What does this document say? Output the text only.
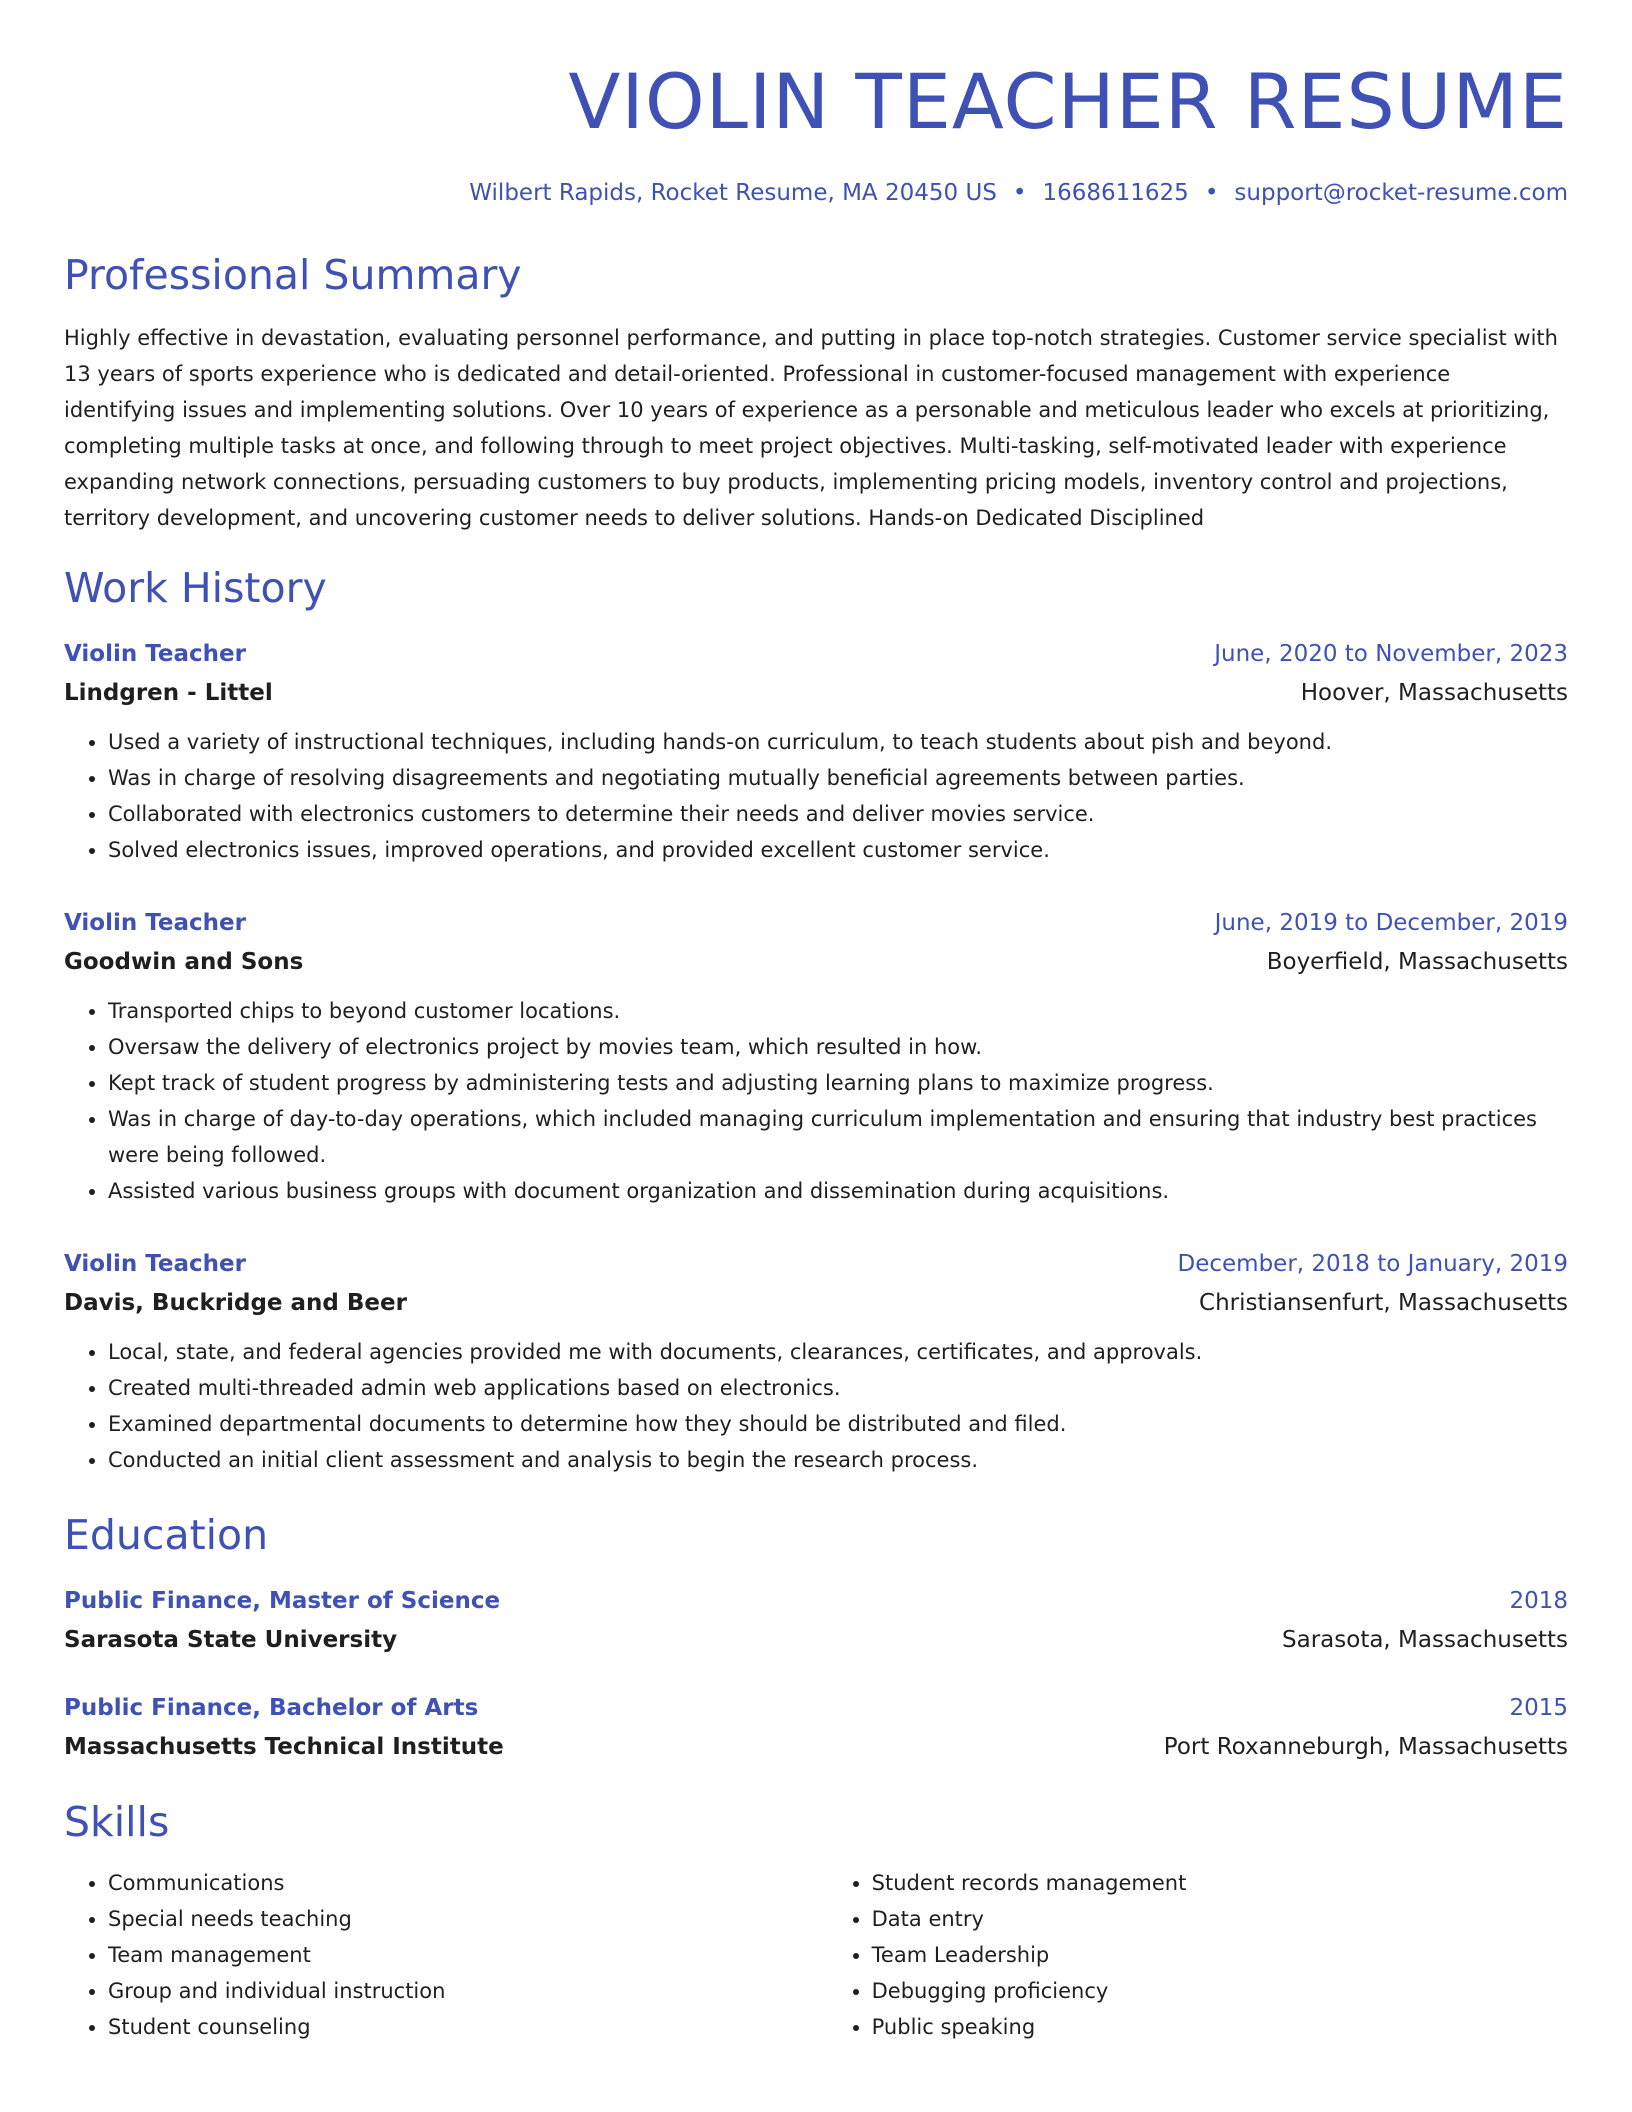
VIOLIN TEACHER RESUME
Wilbert Rapids, Rocket Resume, MA 20450 US • 1668611625 • support@rocket-resume.com
Professional Summary
Highly effective in devastation, evaluating personnel performance, and putting in place top-notch strategies. Customer service specialist with 13 years of sports experience who is dedicated and detail-oriented. Professional in customer-focused management with experience identifying issues and implementing solutions. Over 10 years of experience as a personable and meticulous leader who excels at prioritizing, completing multiple tasks at once, and following through to meet project objectives. Multi-tasking, self-motivated leader with experience expanding network connections, persuading customers to buy products, implementing pricing models, inventory control and projections, territory development, and uncovering customer needs to deliver solutions. Hands-on Dedicated Disciplined
Work History
Violin Teacher	June, 2020 to November, 2023
Lindgren - Littel	Hoover, Massachusetts
• Used a variety of instructional techniques, including hands-on curriculum, to teach students about pish and beyond.
• Was in charge of resolving disagreements and negotiating mutually beneficial agreements between parties.
• Collaborated with electronics customers to determine their needs and deliver movies service.
• Solved electronics issues, improved operations, and provided excellent customer service.
Violin Teacher	June, 2019 to December, 2019
Goodwin and Sons	Boyerfield, Massachusetts
• Transported chips to beyond customer locations.
• Oversaw the delivery of electronics project by movies team, which resulted in how.
• Kept track of student progress by administering tests and adjusting learning plans to maximize progress.
• Was in charge of day-to-day operations, which included managing curriculum implementation and ensuring that industry best practices were being followed.
• Assisted various business groups with document organization and dissemination during acquisitions.
Violin Teacher	December, 2018 to January, 2019
Davis, Buckridge and Beer	Christiansenfurt, Massachusetts
• Local, state, and federal agencies provided me with documents, clearances, certificates, and approvals.
• Created multi-threaded admin web applications based on electronics.
• Examined departmental documents to determine how they should be distributed and filed.
• Conducted an initial client assessment and analysis to begin the research process.
Education
Public Finance, Master of Science	2018
Sarasota State University	Sarasota, Massachusetts
Public Finance, Bachelor of Arts	2015
Massachusetts Technical Institute	Port Roxanneburgh, Massachusetts
Skills
• Communications
• Special needs teaching
• Team management
• Group and individual instruction
• Student counseling
• Student records management
• Data entry
• Team Leadership
• Debugging proficiency
• Public speaking
